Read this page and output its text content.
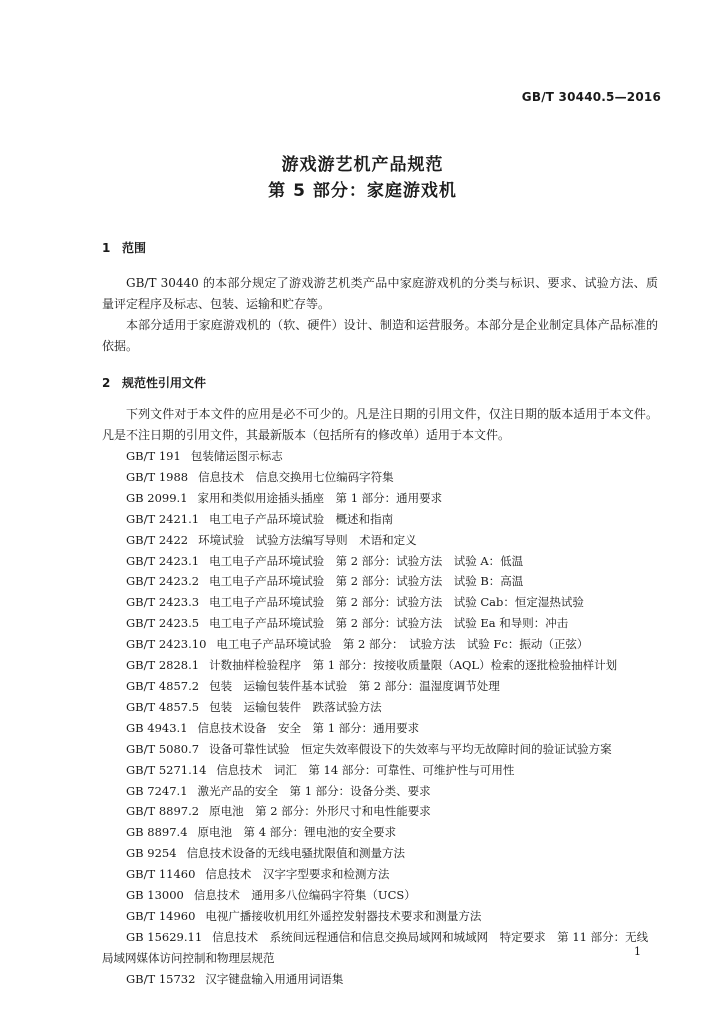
GB/T 30440.5—2016
游戏游艺机产品规范
第 5 部分：家庭游戏机
1 范围

GB/T 30440 的本部分规定了游戏游艺机类产品中家庭游戏机的分类与标识、要求、试验方法、质量评定程序及标志、包装、运输和贮存等。

本部分适用于家庭游戏机的（软、硬件）设计、制造和运营服务。本部分是企业制定具体产品标准的依据。

2 规范性引用文件

下列文件对于本文件的应用是必不可少的。凡是注日期的引用文件，仅注日期的版本适用于本文件。凡是不注日期的引用文件，其最新版本（包括所有的修改单）适用于本文件。

GB/T 191 包装储运图示标志
GB/T 1988 信息技术　信息交换用七位编码字符集
GB 2099.1 家用和类似用途插头插座　第 1 部分：通用要求
GB/T 2421.1 电工电子产品环境试验　概述和指南
GB/T 2422 环境试验　试验方法编写导则　术语和定义
GB/T 2423.1 电工电子产品环境试验　第 2 部分：试验方法　试验 A：低温
GB/T 2423.2 电工电子产品环境试验　第 2 部分：试验方法　试验 B：高温
GB/T 2423.3 电工电子产品环境试验　第 2 部分：试验方法　试验 Cab：恒定湿热试验
GB/T 2423.5 电工电子产品环境试验　第 2 部分：试验方法　试验 Ea 和导则：冲击
GB/T 2423.10 电工电子产品环境试验　第 2 部分：　试验方法　试验 Fc：振动（正弦）
GB/T 2828.1 计数抽样检验程序　第 1 部分：按接收质量限（AQL）检索的逐批检验抽样计划
GB/T 4857.2 包装　运输包装件基本试验　第 2 部分：温湿度调节处理
GB/T 4857.5 包装　运输包装件　跌落试验方法
GB 4943.1 信息技术设备　安全　第 1 部分：通用要求
GB/T 5080.7 设备可靠性试验　恒定失效率假设下的失效率与平均无故障时间的验证试验方案
GB/T 5271.14 信息技术　词汇　第 14 部分：可靠性、可维护性与可用性
GB 7247.1 激光产品的安全　第 1 部分：设备分类、要求
GB/T 8897.2 原电池　第 2 部分：外形尺寸和电性能要求
GB 8897.4 原电池　第 4 部分：锂电池的安全要求
GB 9254 信息技术设备的无线电骚扰限值和测量方法
GB/T 11460 信息技术　汉字字型要求和检测方法
GB 13000 信息技术　通用多八位编码字符集（UCS）
GB/T 14960 电视广播接收机用红外遥控发射器技术要求和测量方法
GB 15629.11 信息技术　系统间远程通信和信息交换局域网和城域网　特定要求　第 11 部分：无线局域网媒体访问控制和物理层规范
GB/T 15732 汉字键盘输入用通用词语集
1
